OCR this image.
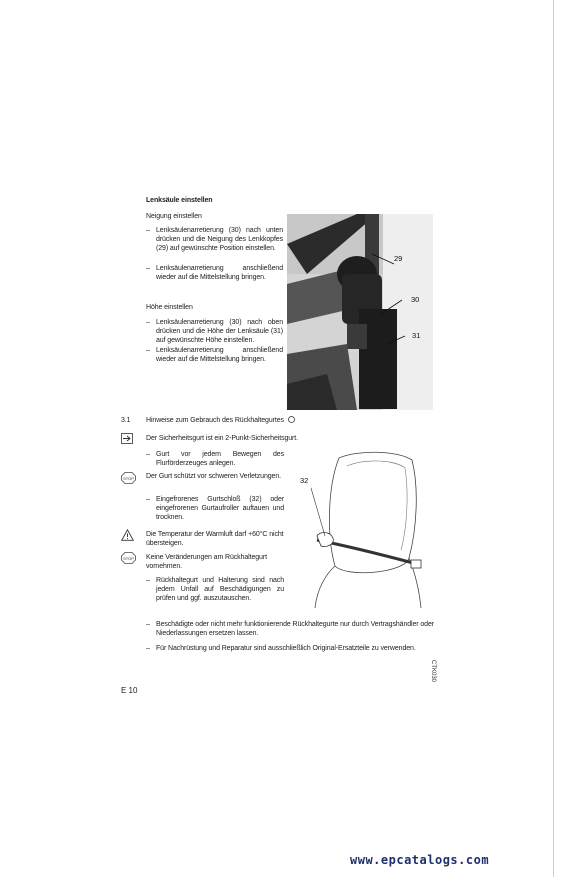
Lenksäule einstellen
Neigung einstellen
– Lenksäulenarretierung (30) nach unten drücken und die Neigung des Lenkkopfes (29) auf gewünschte Position einstellen.
– Lenksäulenarretierung anschließend wieder auf die Mittelstellung bringen.
Höhe einstellen
– Lenksäulenarretierung (30) nach oben drücken und die Höhe der Lenksäule (31) auf gewünschte Höhe einstellen.
– Lenksäulenarretierung anschließend wieder auf die Mittelstellung bringen.
29
30
31
3.1 Hinweise zum Gebrauch des Rückhaltegurtes
Der Sicherheitsgurt ist ein 2-Punkt-Sicherheitsgurt.
– Gurt vor jedem Bewegen des Flurförderzeuges anlegen.
STOP Der Gurt schützt vor schweren Verletzungen.
– Eingefrorenes Gurtschloß (32) oder eingefrorenen Gurtaufroller auftauen und trocknen.
Die Temperatur der Warmluft darf +60°C nicht übersteigen.
STOP Keine Veränderungen am Rückhaltegurt vornehmen.
– Rückhaltegurt und Halterung sind nach jedem Unfall auf Beschädigungen zu prüfen und ggf. auszutauschen.
32
– Beschädigte oder nicht mehr funktionierende Rückhaltegurte nur durch Vertragshändler oder Niederlassungen ersetzen lassen.
– Für Nachrüstung und Reparatur sind ausschließlich Original-Ersatzteile zu verwenden.
CTK030
E 10
www.epcatalogs.com
